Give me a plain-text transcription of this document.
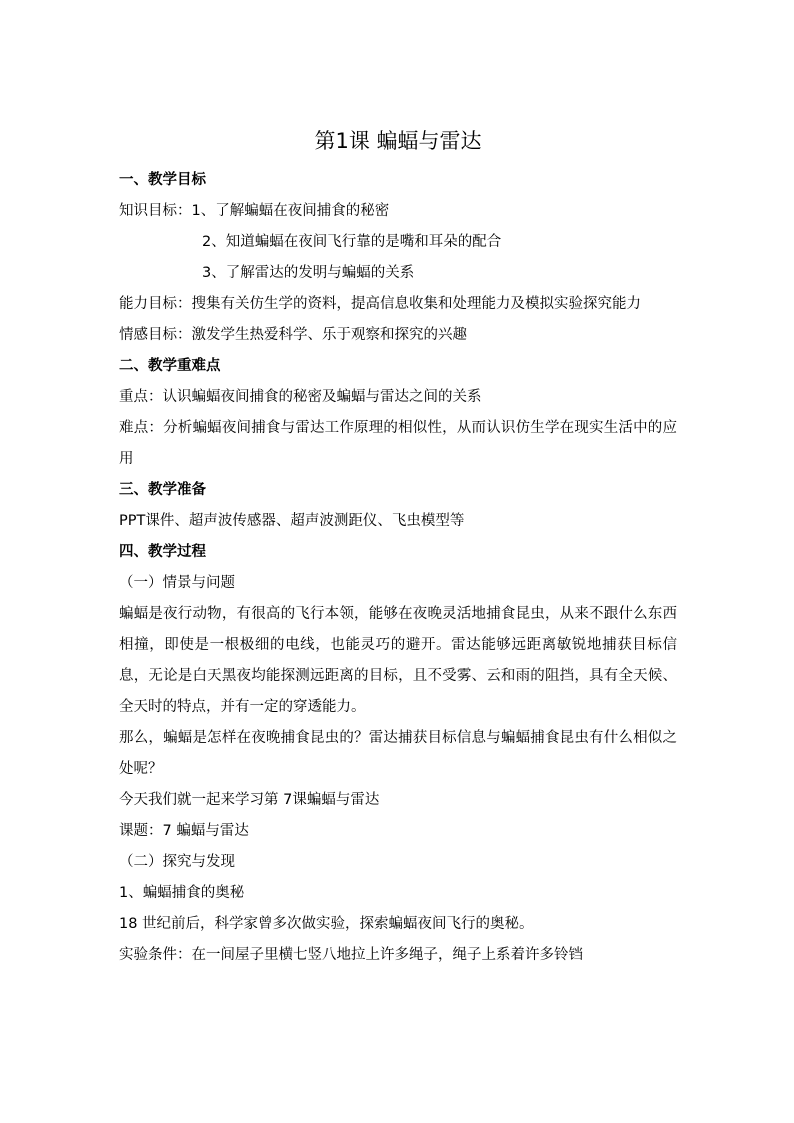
第1课 蝙蝠与雷达

一、教学目标

知识目标：1、了解蝙蝠在夜间捕食的秘密

2、知道蝙蝠在夜间飞行靠的是嘴和耳朵的配合

3、了解雷达的发明与蝙蝠的关系

能力目标：搜集有关仿生学的资料，提高信息收集和处理能力及模拟实验探究能力

情感目标：激发学生热爱科学、乐于观察和探究的兴趣

二、教学重难点

重点：认识蝙蝠夜间捕食的秘密及蝙蝠与雷达之间的关系

难点：分析蝙蝠夜间捕食与雷达工作原理的相似性，从而认识仿生学在现实生活中的应用

三、教学准备

PPT课件、超声波传感器、超声波测距仪、飞虫模型等

四、教学过程

（一）情景与问题

蝙蝠是夜行动物，有很高的飞行本领，能够在夜晚灵活地捕食昆虫，从来不跟什么东西相撞，即使是一根极细的电线，也能灵巧的避开。雷达能够远距离敏锐地捕获目标信息，无论是白天黑夜均能探测远距离的目标，且不受雾、云和雨的阻挡，具有全天候、全天时的特点，并有一定的穿透能力。

那么，蝙蝠是怎样在夜晚捕食昆虫的？雷达捕获目标信息与蝙蝠捕食昆虫有什么相似之处呢？

今天我们就一起来学习第 7课蝙蝠与雷达

课题：7 蝙蝠与雷达

（二）探究与发现

1、蝙蝠捕食的奥秘

18 世纪前后，科学家曾多次做实验，探索蝙蝠夜间飞行的奥秘。

实验条件：在一间屋子里横七竖八地拉上许多绳子，绳子上系着许多铃铛
